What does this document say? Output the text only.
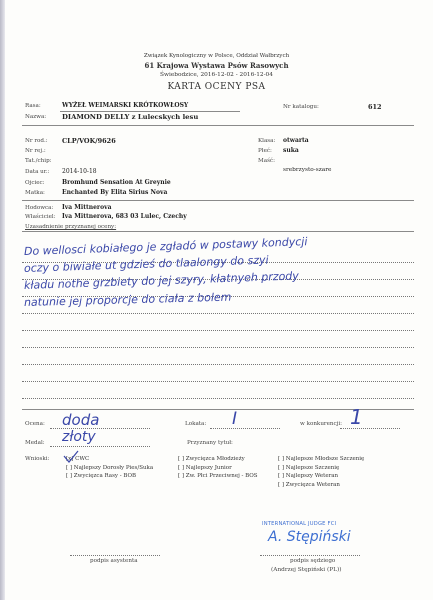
Związek Kynologiczny w Polsce, Oddział Wałbrzych
61 Krajowa Wystawa Psów Rasowych
Świebodzice, 2016-12-02 - 2016-12-04
KARTA OCENY PSA
Rasa:	WYŻEŁ WEIMARSKI KRÓTKOWŁOSY	Nr katalogu:	612
Nazwa: DIAMOND DELLY z Lulecskych lesu
Nr rod.: CLP/VOK/9626
Nr rej.:
Tat./chip:
Data ur.: 2014-10-18
Ojciec:	Bromhund Sensation At Greynie
Matka:	Enchanted By Elita Sirius Nova
Hodowca: Iva Mittnerova
Właściciel: Iva Mittnerova, 683 03 Lulec, Czechy
Klasa: otwarta
Płeć: suka
Maść:
srebrzysto-szare
Uzasadnienie przyznanej oceny:
Do wellosci kobiałego je zgładó w postawy kondycji
oczy o biwiałe ut gdzieś do tlaalongy do szyi
kładu nothe grzbiety do jej szyry, kłatnyeh przody
natunie jej proporcje do ciała z bolem
Ocena: doda	Lokata: I	w konkurencji: 1
Medal: złoty	Przyznany tytuł:
Wnioski:	[x] CWC
[ ] Najlepszy Dorosły Pies/Suka
[ ] Zwycięzca Rasy - BOB
[ ] Zwycięzca Młodzieży
[ ] Najlepszy Junior
[ ] Zw. Płci Przeciwnej - BOS
[ ] Najlepsze Młodsze Szczenię
[ ] Najlepsze Szczenię
[ ] Najlepszy Weteran
[ ] Zwycięzca Weteran
INTERNATIONAL JUDGE FCI
A. Stępiński
podpis asystenta	podpis sędziego
(Andrzej Stępiński (PL))
